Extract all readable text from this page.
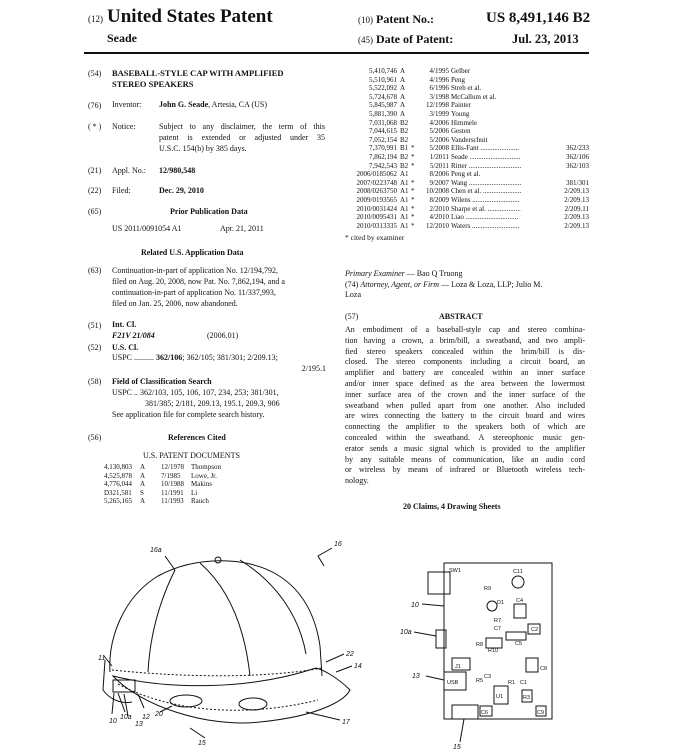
(12) United States Patent
Seade
(10) Patent No.:	US 8,491,146 B2
(45) Date of Patent:	Jul. 23, 2013
(54) BASEBALL-STYLE CAP WITH AMPLIFIED
STEREO SPEAKERS
(76) Inventor: John G. Seade, Artesia, CA (US)
( * ) Notice:	Subject to any disclaimer, the term of this
patent is extended or adjusted under 35
U.S.C. 154(b) by 385 days.
(21) Appl. No.: 12/980,548
(22) Filed:	Dec. 29, 2010
(65)	Prior Publication Data
US 2011/0091054 A1	Apr. 21, 2011
Related U.S. Application Data
(63) Continuation-in-part of application No. 12/194,792,
filed on Aug. 20, 2008, now Pat. No. 7,862,194, and a
continuation-in-part of application No. 11/337,993,
filed on Jan. 25, 2006, now abandoned.
(51) Int. Cl.
F21V 21/084	(2006.01)
(52) U.S. Cl.
USPC .......... 362/106; 362/105; 381/301; 2/209.13;
2/195.1
(58) Field of Classification Search
USPC .. 362/103, 105, 106, 107, 234, 253; 381/301,
381/385; 2/181, 209.13, 195.1, 209.3, 906
See application file for complete search history.
(56)	References Cited
U.S. PATENT DOCUMENTS
4,130,803 A 12/1978 Thompson
4,525,878 A 7/1985 Lowe, Jr.
4,776,044 A 10/1988 Makins
D321,581 S 11/1991 Li
5,265,165 A 11/1993 Rauch
5,410,746 A	4/1995 Gelber
5,510,961 A	4/1996 Peng
5,522,092 A	6/1996 Streb et al.
5,724,678 A	3/1998 McCallum et al.
5,845,987 A	12/1998 Painter
5,881,390 A	3/1999 Young
7,031,068 B2	4/2006 Himmele
7,044,615 B2	5/2006 Gesten
7,052,154 B2	5/2006 Vanderschuit
7,370,991 B1 *	5/2008 Ellis-Fant ......................	362/233
7,862,194 B2 *	1/2011 Seade .............................	362/106
7,942,543 B2 *	5/2011 Ritter ..............................	362/103
2006/0185062 A1	8/2006 Peng et al.
2007/0223748 A1 *	9/2007 Wang ..............................	381/301
2008/0263750 A1 *	10/2008 Chen et al. ......................	2/209.13
2009/0193565 A1 *	8/2009 Wilens ...........................	2/209.13
2010/0031424 A1 *	2/2010 Sharpe et al. ...................	2/209.11
2010/0095431 A1 *	4/2010 Liao ..............................	2/209.13
2010/0313335 A1 *	12/2010 Waters ...........................	2/209.13
* cited by examiner
Primary Examiner — Bao Q Truong
(74) Attorney, Agent, or Firm — Loza & Loza, LLP; Julio M.
Loza
(57)	ABSTRACT
An embodiment of a baseball-style cap and stereo combina-
tion having a crown, a brim/bill, a sweatband, and two ampli-
fied stereo speakers concealed within the brim/bill is dis-
closed. The stereo components including a circuit board, an
amplifier and battery are concealed within an inner surface
and/or inner space defined as the area between the lowermost
inner surface area of the crown and the inner surface of the
sweatband when pulled apart from one another. Also included
are wires connecting the battery to the circuit board and wires
connecting the amplifier to the speakers both of which are
concealed within the sweatband. A stereophonic music gen-
erator sends a music signal which is provided to the amplifier
by any suitable means of communication, like an audio cord
or wireless by means of infrared or Bluetooth wireless tech-
nology.
20 Claims, 4 Drawing Sheets
16a
16
11
22
14
10
10a
13
12 20
17
15
SW1	C11
R9
D1 C4
R7
C7
R8
R10
C5
C2
J1	C8
USB	R5
C3
R1 C1
U1	R3
C9
C6
10
10a
13
15
